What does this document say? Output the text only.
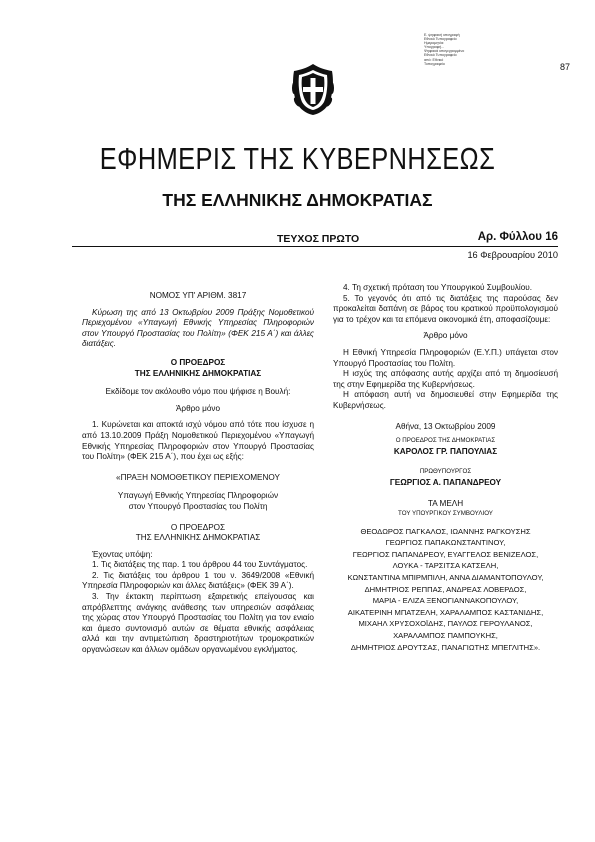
Ε. ψηφιακή υπογραφή
Εθνικό Τυπογραφείο
Ημερομηνία:
Υπογραφή...
Ψηφιακά υπογεγραμμένο
Εθνικό Τυπογραφείο
από: Εθνικό
Τυπογραφείο	87
ΕΦΗΜΕΡΙΣ ΤΗΣ ΚΥΒΕΡΝΗΣΕΩΣ
ΤΗΣ ΕΛΛΗΝΙΚΗΣ ΔΗΜΟΚΡΑΤΙΑΣ
ΤΕΥΧΟΣ ΠΡΩΤΟ	Αρ. Φύλλου 16
16 Φεβρουαρίου 2010

ΝΟΜΟΣ ΥΠ' ΑΡΙΘΜ. 3817

Κύρωση της από 13 Οκτωβρίου 2009 Πράξης Νομοθετικού Περιεχομένου «Υπαγωγή Εθνικής Υπηρεσίας Πληροφοριών στον Υπουργό Προστασίας του Πολίτη» (ΦΕΚ 215 Α΄) και άλλες διατάξεις.

Ο ΠΡΟΕΔΡΟΣ

ΤΗΣ ΕΛΛΗΝΙΚΗΣ ΔΗΜΟΚΡΑΤΙΑΣ

Εκδίδομε τον ακόλουθο νόμο που ψήφισε η Βουλή:

Άρθρο μόνο

1. Κυρώνεται και αποκτά ισχύ νόμου από τότε που ίσχυσε η από 13.10.2009 Πράξη Νομοθετικού Περιεχομένου «Υπαγωγή Εθνικής Υπηρεσίας Πληροφοριών στον Υπουργό Προστασίας του Πολίτη» (ΦΕΚ 215 Α΄), που έχει ως εξής:

«ΠΡΑΞΗ ΝΟΜΟΘΕΤΙΚΟΥ ΠΕΡΙΕΧΟΜΕΝΟΥ

Υπαγωγή Εθνικής Υπηρεσίας Πληροφοριών

στον Υπουργό Προστασίας του Πολίτη

Ο ΠΡΟΕΔΡΟΣ

ΤΗΣ ΕΛΛΗΝΙΚΗΣ ΔΗΜΟΚΡΑΤΙΑΣ

Έχοντας υπόψη:

1. Τις διατάξεις της παρ. 1 του άρθρου 44 του Συντάγματος.

2. Τις διατάξεις του άρθρου 1 του ν. 3649/2008 «Εθνική Υπηρεσία Πληροφοριών και άλλες διατάξεις» (ΦΕΚ 39 Α΄).

3. Την έκτακτη περίπτωση εξαιρετικής επείγουσας και απρόβλεπτης ανάγκης ανάθεσης των υπηρεσιών ασφάλειας της χώρας στον Υπουργό Προστασίας του Πολίτη για τον ενιαίο και άμεσο συντονισμό αυτών σε θέματα εθνικής ασφάλειας αλλά και την αντιμετώπιση δραστηριοτήτων τρομοκρατικών οργανώσεων και άλλων ομάδων οργανωμένου εγκλήματος.

4. Τη σχετική πρόταση του Υπουργικού Συμβουλίου.

5. Το γεγονός ότι από τις διατάξεις της παρούσας δεν προκαλείται δαπάνη σε βάρος του κρατικού προϋπολογισμού για το τρέχον και τα επόμενα οικονομικά έτη, αποφασίζουμε:

Άρθρο μόνο

Η Εθνική Υπηρεσία Πληροφοριών (Ε.Υ.Π.) υπάγεται στον Υπουργό Προστασίας του Πολίτη.

Η ισχύς της απόφασης αυτής αρχίζει από τη δημοσίευσή της στην Εφημερίδα της Κυβερνήσεως.

Η απόφαση αυτή να δημοσιευθεί στην Εφημερίδα της Κυβερνήσεως.

Αθήνα, 13 Οκτωβρίου 2009

Ο ΠΡΟΕΔΡΟΣ ΤΗΣ ΔΗΜΟΚΡΑΤΙΑΣ

ΚΑΡΟΛΟΣ ΓΡ. ΠΑΠΟΥΛΙΑΣ

ΠΡΩΘΥΠΟΥΡΓΟΣ

ΓΕΩΡΓΙΟΣ Α. ΠΑΠΑΝΔΡΕΟΥ

ΤΑ ΜΕΛΗ

ΤΟΥ ΥΠΟΥΡΓΙΚΟΥ ΣΥΜΒΟΥΛΙΟΥ

ΘΕΟΔΩΡΟΣ ΠΑΓΚΑΛΟΣ, ΙΩΑΝΝΗΣ ΡΑΓΚΟΥΣΗΣ

ΓΕΩΡΓΙΟΣ ΠΑΠΑΚΩΝΣΤΑΝΤΙΝΟΥ,

ΓΕΩΡΓΙΟΣ ΠΑΠΑΝΔΡΕΟΥ, ΕΥΑΓΓΕΛΟΣ ΒΕΝΙΖΕΛΟΣ,

ΛΟΥΚΑ - ΤΑΡΣΙΤΣΑ ΚΑΤΣΕΛΗ,

ΚΩΝΣΤΑΝΤΙΝΑ ΜΠΙΡΜΠΙΛΗ, ΑΝΝΑ ΔΙΑΜΑΝΤΟΠΟΥΛΟΥ,

ΔΗΜΗΤΡΙΟΣ ΡΕΠΠΑΣ, ΑΝΔΡΕΑΣ ΛΟΒΕΡΔΟΣ,

ΜΑΡΙΑ - ΕΛΙΖΑ ΞΕΝΟΓΙΑΝΝΑΚΟΠΟΥΛΟΥ,

ΑΙΚΑΤΕΡΙΝΗ ΜΠΑΤΖΕΛΗ, ΧΑΡΑΛΑΜΠΟΣ ΚΑΣΤΑΝΙΔΗΣ,

ΜΙΧΑΗΛ ΧΡΥΣΟΧΟΪΔΗΣ, ΠΑΥΛΟΣ ΓΕΡΟΥΛΑΝΟΣ,

ΧΑΡΑΛΑΜΠΟΣ ΠΑΜΠΟΥΚΗΣ,

ΔΗΜΗΤΡΙΟΣ ΔΡΟΥΤΣΑΣ, ΠΑΝΑΓΙΩΤΗΣ ΜΠΕΓΛΙΤΗΣ».
